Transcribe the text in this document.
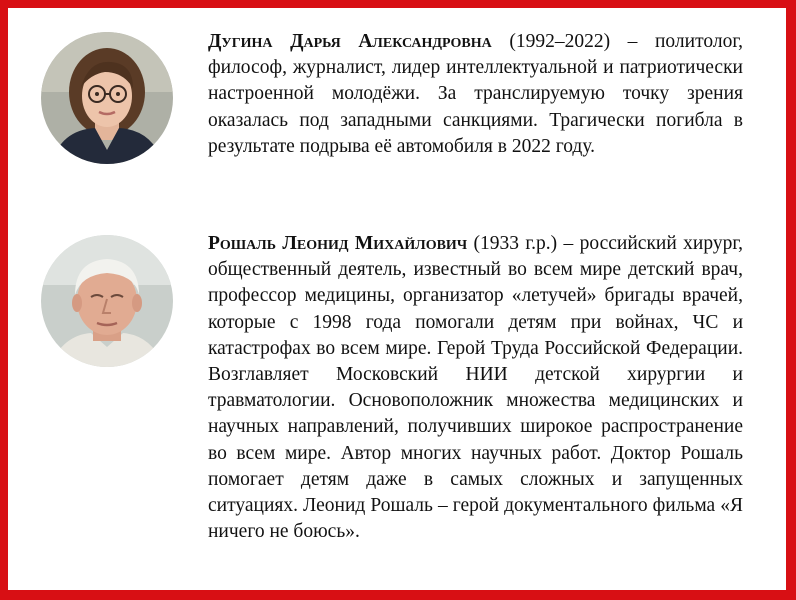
Дугина Дарья Александровна (1992–2022) – политолог, философ, журналист, лидер интеллектуальной и патриотически настроенной молодёжи. За транслируемую точку зрения оказалась под западными санкциями. Трагически погибла в результате подрыва её автомобиля в 2022 году.

Рошаль Леонид Михайлович (1933 г.р.) – российский хирург, общественный деятель, известный во всем мире детский врач, профессор медицины, организатор «летучей» бригады врачей, которые с 1998 года помогали детям при войнах, ЧС и катастрофах во всем мире. Герой Труда Российской Федерации. Возглавляет Московский НИИ детской хирургии и травматологии. Основоположник множества медицинских и научных направлений, получивших широкое распространение во всем мире. Автор многих научных работ. Доктор Рошаль помогает детям даже в самых сложных и запущенных ситуациях. Леонид Рошаль – герой документального фильма «Я ничего не боюсь».
